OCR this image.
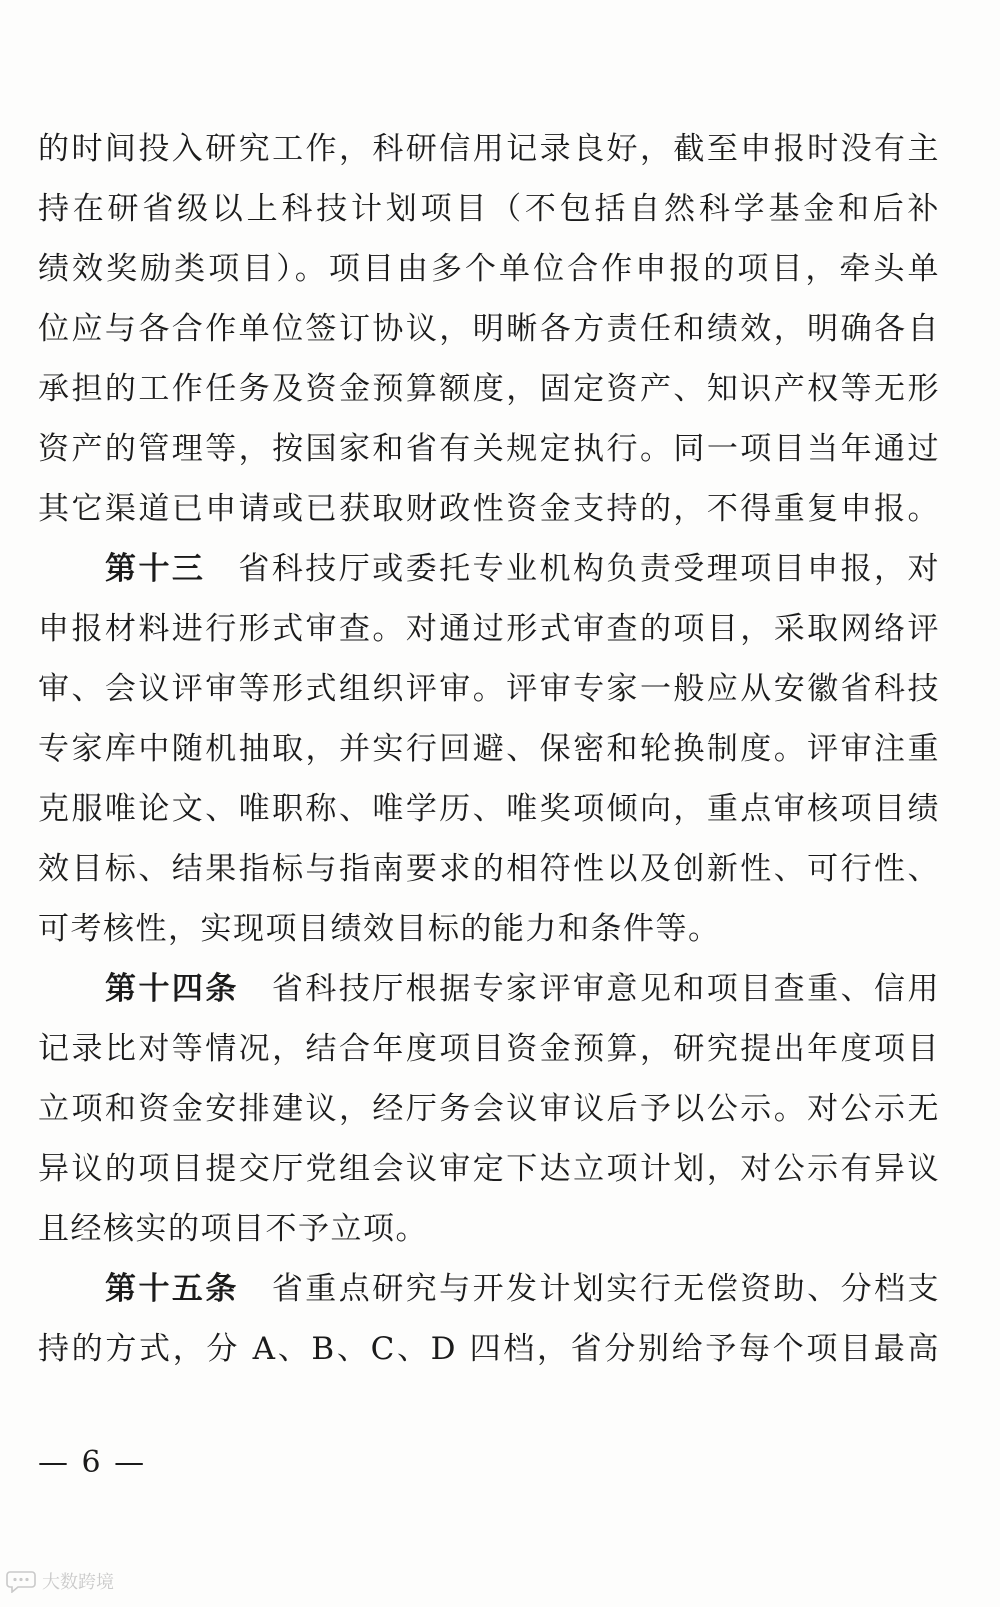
的时间投入研究工作，科研信用记录良好，截至申报时没有主
持在研省级以上科技计划项目（不包括自然科学基金和后补
绩效奖励类项目）。项目由多个单位合作申报的项目，牵头单
位应与各合作单位签订协议，明晰各方责任和绩效，明确各自
承担的工作任务及资金预算额度，固定资产、知识产权等无形
资产的管理等，按国家和省有关规定执行。同一项目当年通过
其它渠道已申请或已获取财政性资金支持的，不得重复申报。
第十三 省科技厅或委托专业机构负责受理项目申报，对
申报材料进行形式审查。对通过形式审查的项目，采取网络评
审、会议评审等形式组织评审。评审专家一般应从安徽省科技
专家库中随机抽取，并实行回避、保密和轮换制度。评审注重
克服唯论文、唯职称、唯学历、唯奖项倾向，重点审核项目绩
效目标、结果指标与指南要求的相符性以及创新性、可行性、
可考核性，实现项目绩效目标的能力和条件等。
第十四条 省科技厅根据专家评审意见和项目查重、信用
记录比对等情况，结合年度项目资金预算，研究提出年度项目
立项和资金安排建议，经厅务会议审议后予以公示。对公示无
异议的项目提交厅党组会议审定下达立项计划，对公示有异议
且经核实的项目不予立项。
第十五条 省重点研究与开发计划实行无偿资助、分档支
持的方式，分 A、B、C、D 四档，省分别给予每个项目最高
— 6 —
大数跨境
